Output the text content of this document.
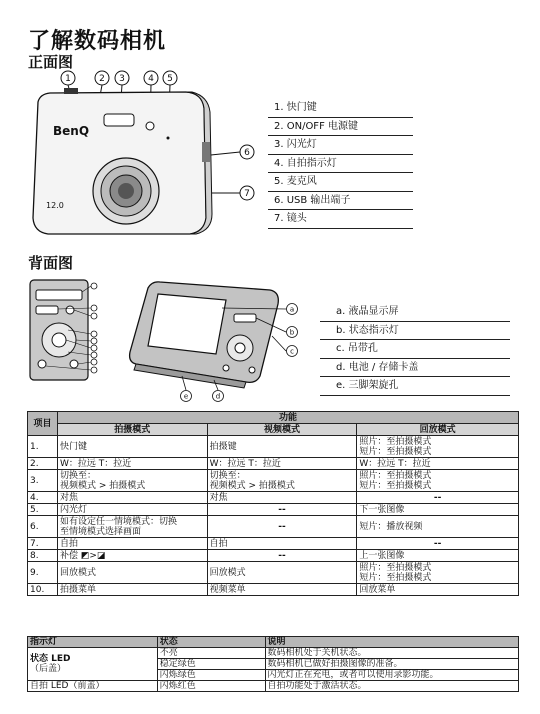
了解数码相机
正面图
1	2 3	4 5
6
7
BenQ
12.0
1. 快门键
2. ON/OFF 电源键
3. 闪光灯
4. 自拍指示灯
5. 麦克风
6. USB 输出端子
7. 镜头
背面图
a
b
c
d
e
a. 液晶显示屏
b. 状态指示灯
c. 吊带孔
d. 电池 / 存储卡盖
e. 三脚架旋孔
项目	功能		
	拍摄模式	视频模式	回放模式
1.	快门键	拍摄键	照片：至拍摄模式
短片：至拍摄模式
2.	W：拉远 T：拉近	W：拉远 T：拉近	W：拉远 T：拉近
3.	切换至：
视频模式 > 拍摄模式	切换至：
视频模式 > 拍摄模式	照片：至拍摄模式
短片：至拍摄模式
4.	对焦	对焦	--
5.	闪光灯	--	下一张图像
6.	如有设定任一情境模式：切换
至情境模式选择画面	--	短片：播放视频
7.	自拍	自拍	--
8.	补偿 ◩>◪	--	上一张图像
9.	回放模式	回放模式	照片：至拍摄模式
短片：至拍摄模式
10.	拍摄菜单	视频菜单	回放菜单
指示灯	状态	说明
状态 LED
（后盖）	不亮	数码相机处于关机状态。
	稳定绿色	数码相机已做好拍摄图像的准备。
	闪烁绿色	闪光灯正在充电，或者可以使用录影功能。
自拍 LED（前盖）	闪烁红色	自拍功能处于激活状态。
